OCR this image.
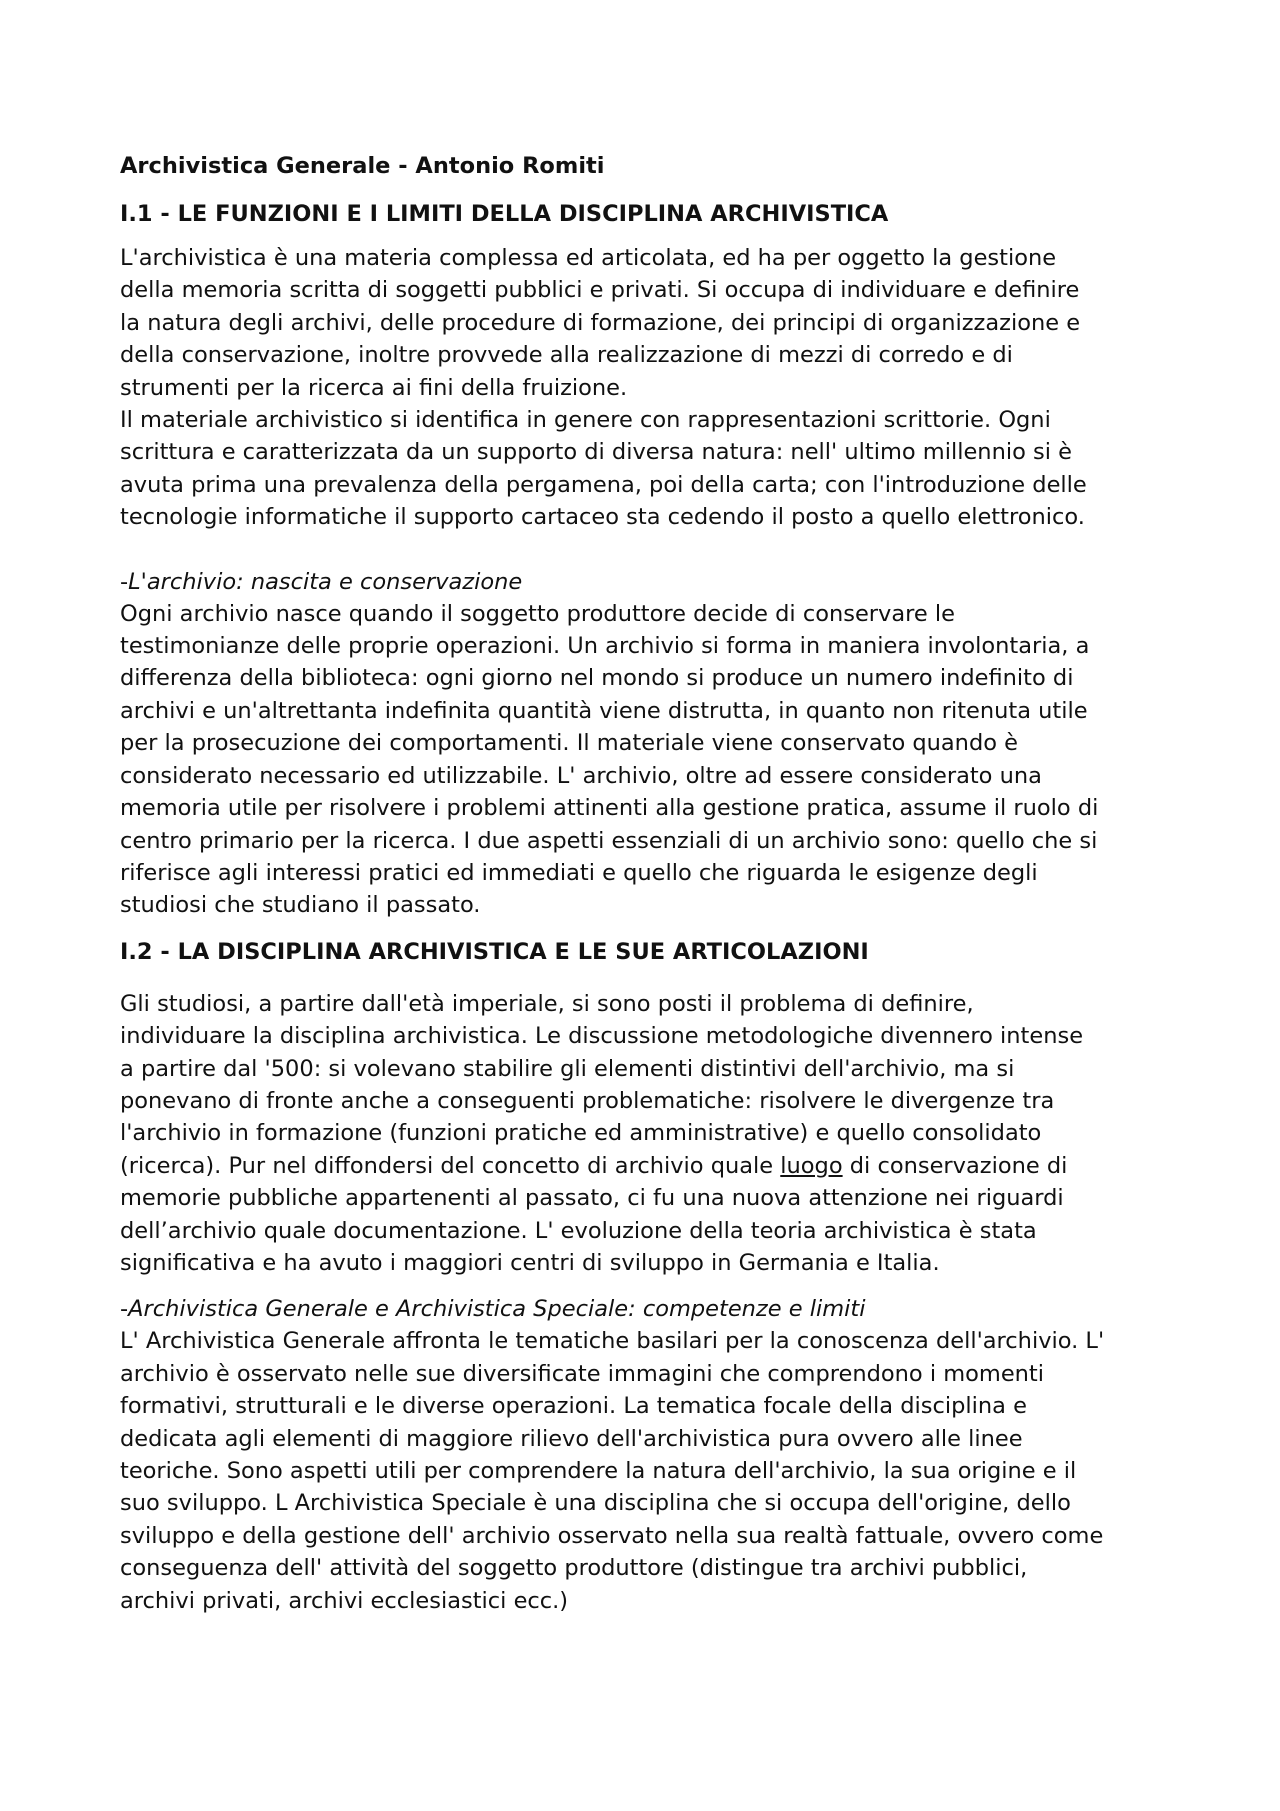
Archivistica Generale - Antonio Romiti
I.1 - LE FUNZIONI E I LIMITI DELLA DISCIPLINA ARCHIVISTICA

L'archivistica è una materia complessa ed articolata, ed ha per oggetto la gestione
della memoria scritta di soggetti pubblici e privati. Si occupa di individuare e definire
la natura degli archivi, delle procedure di formazione, dei principi di organizzazione e
della conservazione, inoltre provvede alla realizzazione di mezzi di corredo e di
strumenti per la ricerca ai fini della fruizione.
Il materiale archivistico si identifica in genere con rappresentazioni scrittorie. Ogni
scrittura e caratterizzata da un supporto di diversa natura: nell' ultimo millennio si è
avuta prima una prevalenza della pergamena, poi della carta; con l'introduzione delle
tecnologie informatiche il supporto cartaceo sta cedendo il posto a quello elettronico.

-L'archivio: nascita e conservazione

Ogni archivio nasce quando il soggetto produttore decide di conservare le
testimonianze delle proprie operazioni. Un archivio si forma in maniera involontaria, a
differenza della biblioteca: ogni giorno nel mondo si produce un numero indefinito di
archivi e un'altrettanta indefinita quantità viene distrutta, in quanto non ritenuta utile
per la prosecuzione dei comportamenti. Il materiale viene conservato quando è
considerato necessario ed utilizzabile. L' archivio, oltre ad essere considerato una
memoria utile per risolvere i problemi attinenti alla gestione pratica, assume il ruolo di
centro primario per la ricerca. I due aspetti essenziali di un archivio sono: quello che si
riferisce agli interessi pratici ed immediati e quello che riguarda le esigenze degli
studiosi che studiano il passato.

I.2 - LA DISCIPLINA ARCHIVISTICA E LE SUE ARTICOLAZIONI

Gli studiosi, a partire dall'età imperiale, si sono posti il problema di definire,
individuare la disciplina archivistica. Le discussione metodologiche divennero intense
a partire dal '500: si volevano stabilire gli elementi distintivi dell'archivio, ma si
ponevano di fronte anche a conseguenti problematiche: risolvere le divergenze tra
l'archivio in formazione (funzioni pratiche ed amministrative) e quello consolidato
(ricerca). Pur nel diffondersi del concetto di archivio quale luogo di conservazione di
memorie pubbliche appartenenti al passato, ci fu una nuova attenzione nei riguardi
dell’archivio quale documentazione. L' evoluzione della teoria archivistica è stata
significativa e ha avuto i maggiori centri di sviluppo in Germania e Italia.

-Archivistica Generale e Archivistica Speciale: competenze e limiti

L' Archivistica Generale affronta le tematiche basilari per la conoscenza dell'archivio. L'
archivio è osservato nelle sue diversificate immagini che comprendono i momenti
formativi, strutturali e le diverse operazioni. La tematica focale della disciplina e
dedicata agli elementi di maggiore rilievo dell'archivistica pura ovvero alle linee
teoriche. Sono aspetti utili per comprendere la natura dell'archivio, la sua origine e il
suo sviluppo. L Archivistica Speciale è una disciplina che si occupa dell'origine, dello
sviluppo e della gestione dell' archivio osservato nella sua realtà fattuale, ovvero come
conseguenza dell' attività del soggetto produttore (distingue tra archivi pubblici,
archivi privati, archivi ecclesiastici ecc.)
